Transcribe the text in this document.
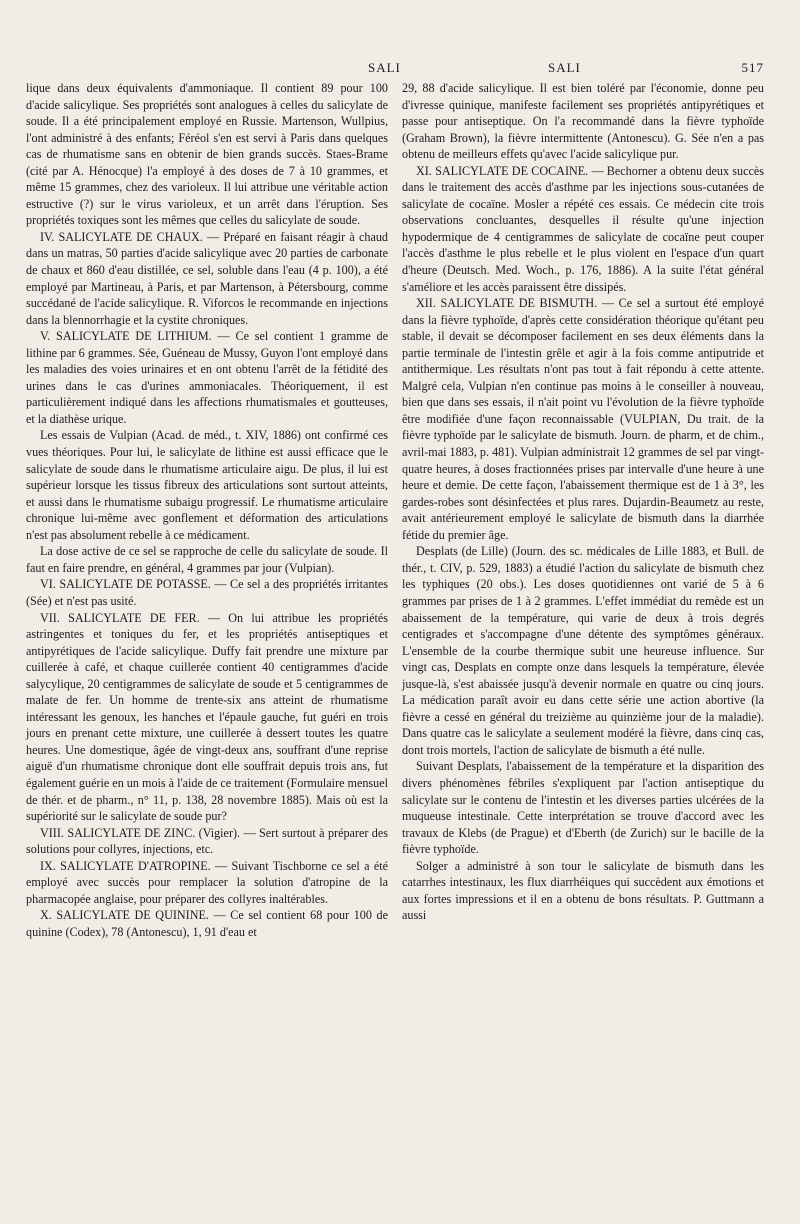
SALI	SALI	517

lique dans deux équivalents d'ammoniaque. Il contient 89 pour 100 d'acide salicylique. Ses propriétés sont analogues à celles du salicylate de soude. Il a été principalement employé en Russie. Martenson, Wullpius, l'ont administré à des enfants; Féréol s'en est servi à Paris dans quelques cas de rhumatisme sans en obtenir de bien grands succès. Staes-Brame (cité par A. Hénocque) l'a employé à des doses de 7 à 10 grammes, et même 15 grammes, chez des varioleux. Il lui attribue une véritable action estructive (?) sur le virus varioleux, et un arrêt dans l'éruption. Ses propriétés toxiques sont les mêmes que celles du salicylate de soude.

IV. SALICYLATE DE CHAUX. — Préparé en faisant réagir à chaud dans un matras, 50 parties d'acide salicylique avec 20 parties de carbonate de chaux et 860 d'eau distillée, ce sel, soluble dans l'eau (4 p. 100), a été employé par Martineau, à Paris, et par Martenson, à Pétersbourg, comme succédané de l'acide salicylique. R. Viforcos le recommande en injections dans la blennorrhagie et la cystite chroniques.

V. SALICYLATE DE LITHIUM. — Ce sel contient 1 gramme de lithine par 6 grammes. Sée, Guéneau de Mussy, Guyon l'ont employé dans les maladies des voies urinaires et en ont obtenu l'arrêt de la fétidité des urines dans le cas d'urines ammoniacales. Théoriquement, il est particulièrement indiqué dans les affections rhumatismales et goutteuses, et la diathèse urique.

Les essais de Vulpian (Acad. de méd., t. XIV, 1886) ont confirmé ces vues théoriques. Pour lui, le salicylate de lithine est aussi efficace que le salicylate de soude dans le rhumatisme articulaire aigu. De plus, il lui est supérieur lorsque les tissus fibreux des articulations sont surtout atteints, et aussi dans le rhumatisme subaigu progressif. Le rhumatisme articulaire chronique lui-même avec gonflement et déformation des articulations n'est pas absolument rebelle à ce médicament.

La dose active de ce sel se rapproche de celle du salicylate de soude. Il faut en faire prendre, en général, 4 grammes par jour (Vulpian).

VI. SALICYLATE DE POTASSE. — Ce sel a des propriétés irritantes (Sée) et n'est pas usité.

VII. SALICYLATE DE FER. — On lui attribue les propriétés astringentes et toniques du fer, et les propriétés antiseptiques et antipyrétiques de l'acide salicylique. Duffy fait prendre une mixture par cuillerée à café, et chaque cuillerée contient 40 centigrammes d'acide salycylique, 20 centigrammes de salicylate de soude et 5 centigrammes de malate de fer. Un homme de trente-six ans atteint de rhumatisme intéressant les genoux, les hanches et l'épaule gauche, fut guéri en trois jours en prenant cette mixture, une cuillerée à dessert toutes les quatre heures. Une domestique, âgée de vingt-deux ans, souffrant d'une reprise aiguë d'un rhumatisme chronique dont elle souffrait depuis trois ans, fut également guérie en un mois à l'aide de ce traitement (Formulaire mensuel de thér. et de pharm., n° 11, p. 138, 28 novembre 1885). Mais où est la supériorité sur le salicylate de soude pur?

VIII. SALICYLATE DE ZINC. (Vigier). — Sert surtout à préparer des solutions pour collyres, injections, etc.

IX. SALICYLATE D'ATROPINE. — Suivant Tischborne ce sel a été employé avec succès pour remplacer la solution d'atropine de la pharmacopée anglaise, pour préparer des collyres inaltérables.

X. SALICYLATE DE QUININE. — Ce sel contient 68 pour 100 de quinine (Codex), 78 (Antonescu), 1, 91 d'eau et

29, 88 d'acide salicylique. Il est bien toléré par l'économie, donne peu d'ivresse quinique, manifeste facilement ses propriétés antipyrétiques et passe pour antiseptique. On l'a recommandé dans la fièvre typhoïde (Graham Brown), la fièvre intermittente (Antonescu). G. Sée n'en a pas obtenu de meilleurs effets qu'avec l'acide salicylique pur.

XI. SALICYLATE DE COCAINE. — Bechorner a obtenu deux succès dans le traitement des accès d'asthme par les injections sous-cutanées de salicylate de cocaïne. Mosler a répété ces essais. Ce médecin cite trois observations concluantes, desquelles il résulte qu'une injection hypodermique de 4 centigrammes de salicylate de cocaïne peut couper l'accès d'asthme le plus rebelle et le plus violent en l'espace d'un quart d'heure (Deutsch. Med. Woch., p. 176, 1886). A la suite l'état général s'améliore et les accès paraissent être dissipés.

XII. SALICYLATE DE BISMUTH. — Ce sel a surtout été employé dans la fièvre typhoïde, d'après cette considération théorique qu'étant peu stable, il devait se décomposer facilement en ses deux éléments dans la partie terminale de l'intestin grêle et agir à la fois comme antiputride et antithermique. Les résultats n'ont pas tout à fait répondu à cette attente. Malgré cela, Vulpian n'en continue pas moins à le conseiller à nouveau, bien que dans ses essais, il n'ait point vu l'évolution de la fièvre typhoïde être modifiée d'une façon reconnaissable (VULPIAN, Du trait. de la fièvre typhoïde par le salicylate de bismuth. Journ. de pharm, et de chim., avril-mai 1883, p. 481). Vulpian administrait 12 grammes de sel par vingt-quatre heures, à doses fractionnées prises par intervalle d'une heure à une heure et demie. De cette façon, l'abaissement thermique est de 1 à 3°, les gardes-robes sont désinfectées et plus rares. Dujardin-Beaumetz au reste, avait antérieurement employé le salicylate de bismuth dans la diarrhée fétide du premier âge.

Desplats (de Lille) (Journ. des sc. médicales de Lille 1883, et Bull. de thér., t. CIV, p. 529, 1883) a étudié l'action du salicylate de bismuth chez les typhiques (20 obs.). Les doses quotidiennes ont varié de 5 à 6 grammes par prises de 1 à 2 grammes. L'effet immédiat du remède est un abaissement de la température, qui varie de deux à trois degrés centigrades et s'accompagne d'une détente des symptômes généraux. L'ensemble de la courbe thermique subit une heureuse influence. Sur vingt cas, Desplats en compte onze dans lesquels la température, élevée jusque-là, s'est abaissée jusqu'à devenir normale en quatre ou cinq jours. La médication paraît avoir eu dans cette série une action abortive (la fièvre a cessé en général du treizième au quinzième jour de la maladie). Dans quatre cas le salicylate a seulement modéré la fièvre, dans cinq cas, dont trois mortels, l'action de salicylate de bismuth a été nulle.

Suivant Desplats, l'abaissement de la température et la disparition des divers phénomènes fébriles s'expliquent par l'action antiseptique du salicylate sur le contenu de l'intestin et les diverses parties ulcérées de la muqueuse intestinale. Cette interprétation se trouve d'accord avec les travaux de Klebs (de Prague) et d'Eberth (de Zurich) sur le bacille de la fièvre typhoïde.

Solger a administré à son tour le salicylate de bismuth dans les catarrhes intestinaux, les flux diarrhéiques qui succèdent aux émotions et aux fortes impressions et il en a obtenu de bons résultats. P. Guttmann a aussi
